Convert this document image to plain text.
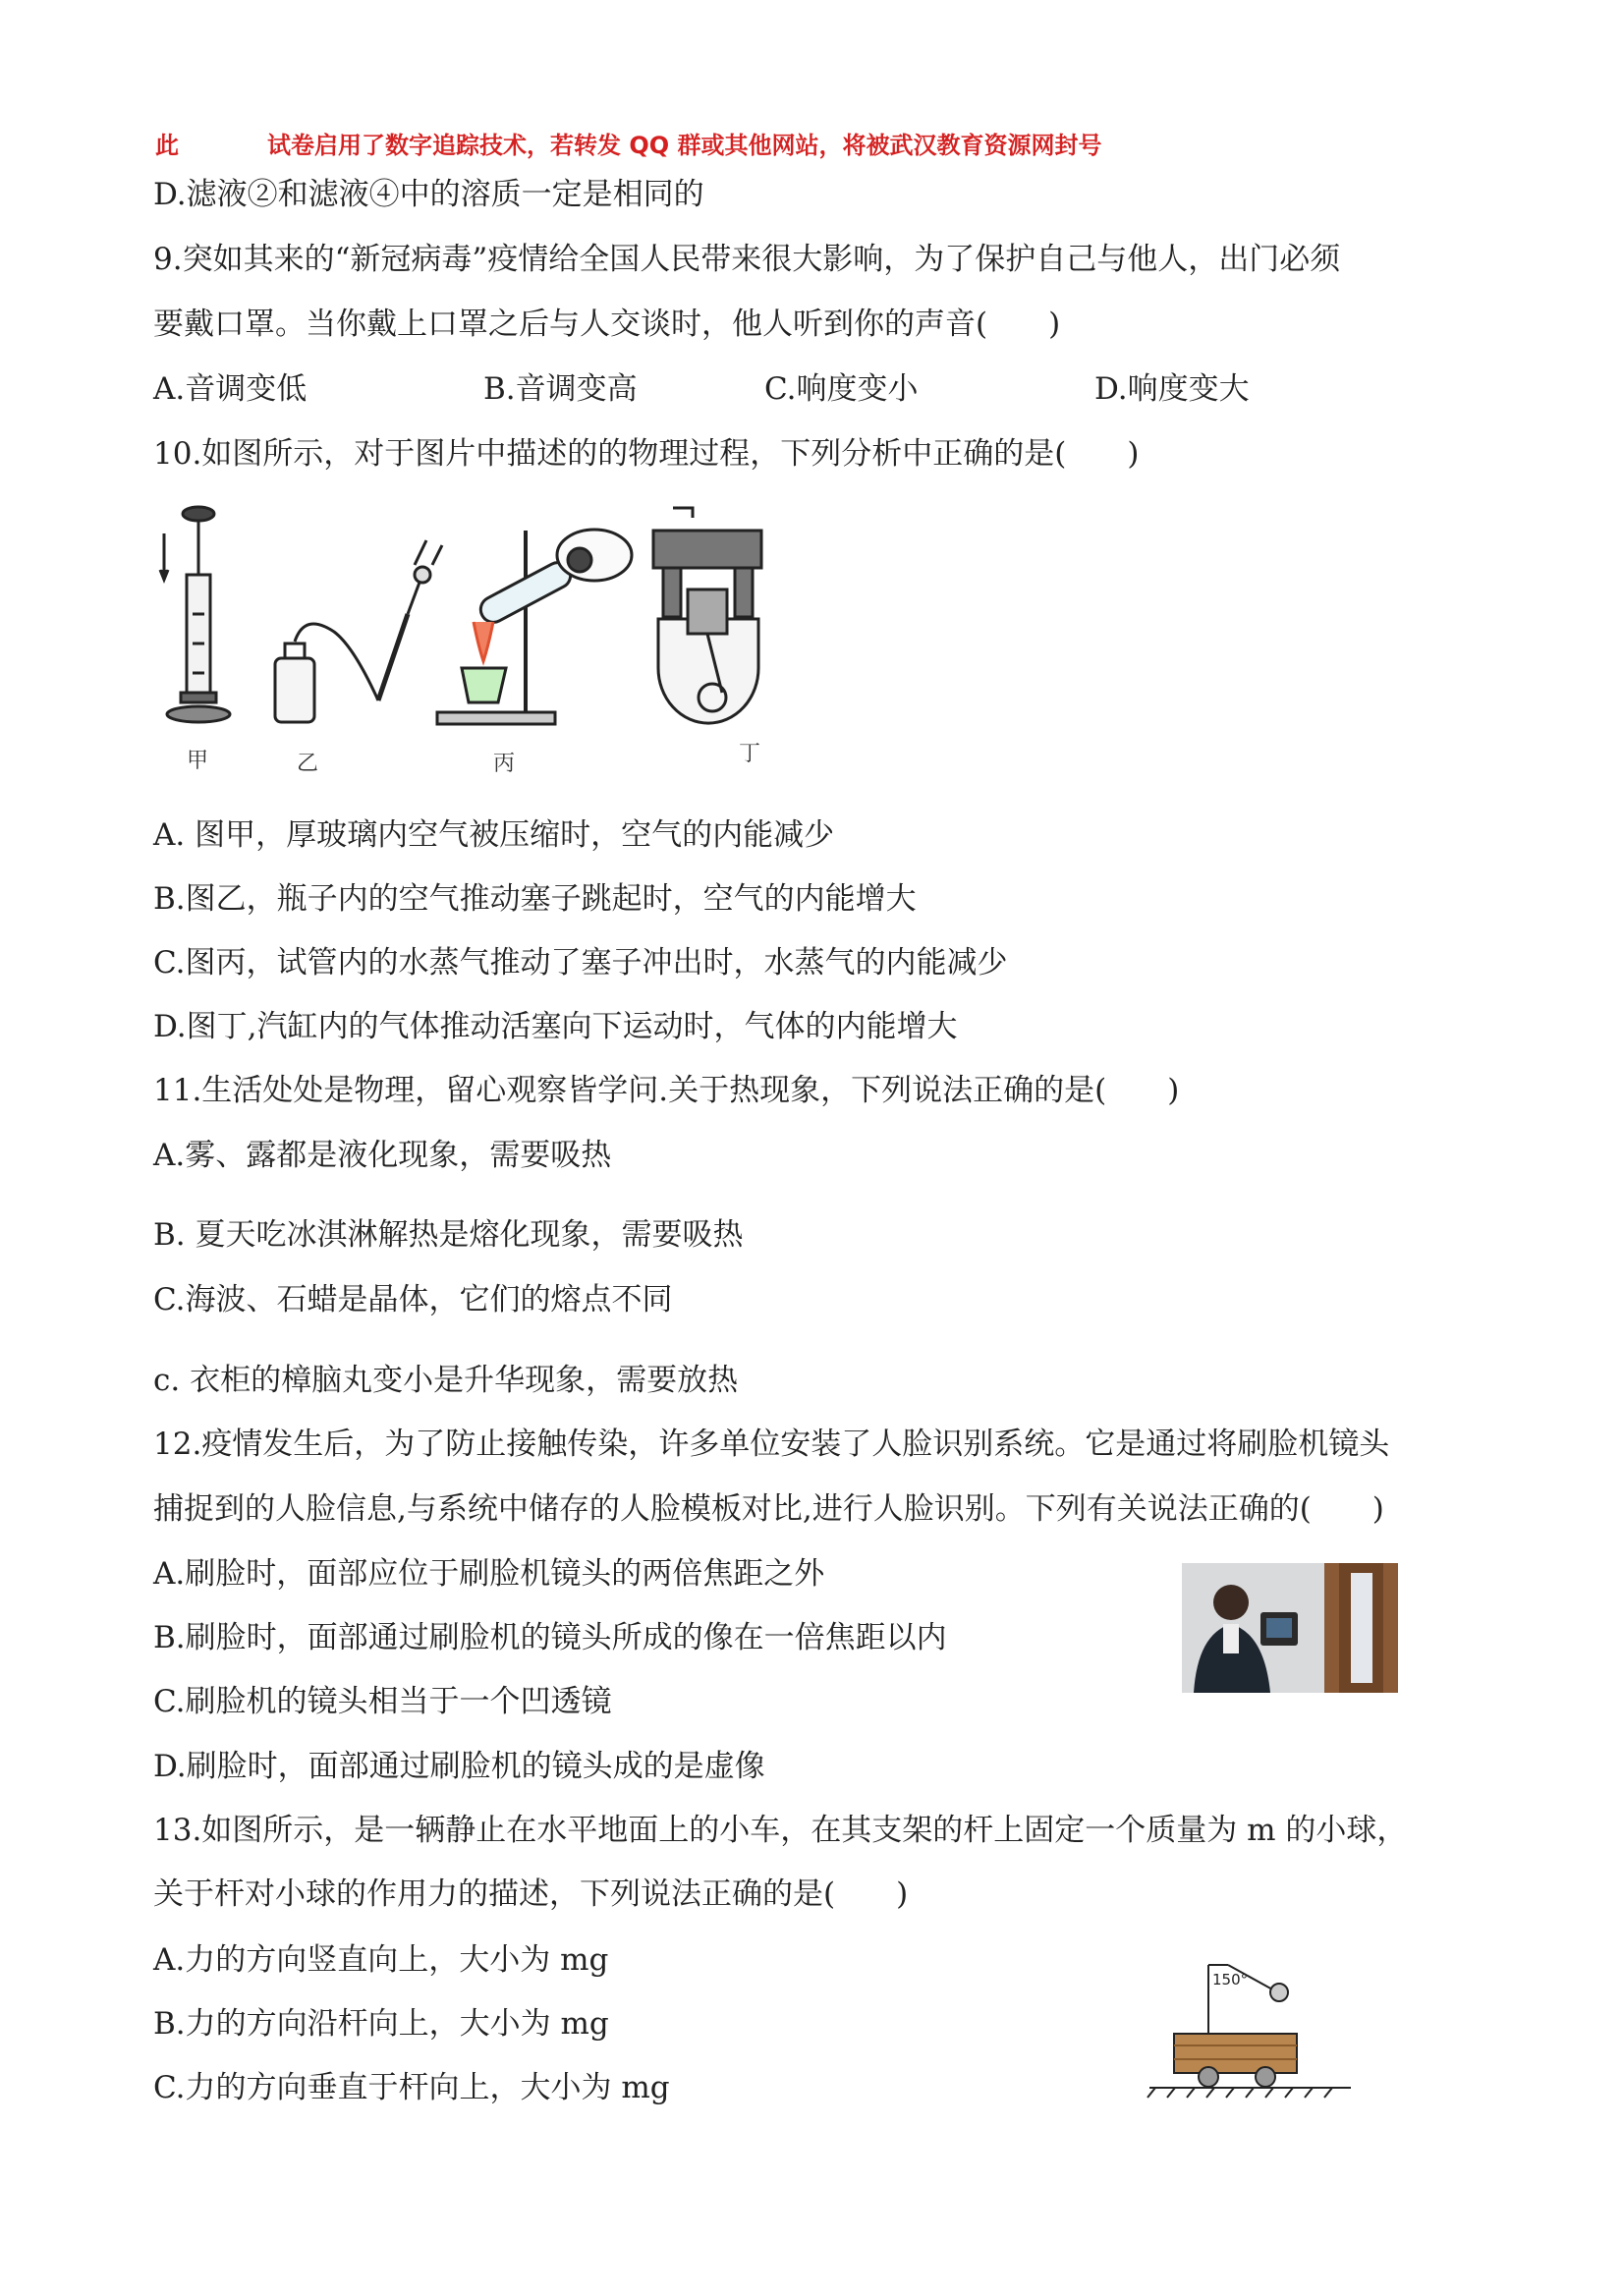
此	试卷启用了数字追踪技术，若转发 QQ 群或其他网站，将被武汉教育资源网封号
D.滤液②和滤液④中的溶质一定是相同的
9.突如其来的“新冠病毒”疫情给全国人民带来很大影响，为了保护自己与他人，出门必须
要戴口罩。当你戴上口罩之后与人交谈时，他人听到你的声音(　　)
A.音调变低	B.音调变高	C.响度变小	D.响度变大
10.如图所示，对于图片中描述的的物理过程，下列分析中正确的是(　　)
甲	乙	丙	丁
A. 图甲，厚玻璃内空气被压缩时，空气的内能减少
B.图乙，瓶子内的空气推动塞子跳起时，空气的内能增大
C.图丙，试管内的水蒸气推动了塞子冲出时，水蒸气的内能减少
D.图丁,汽缸内的气体推动活塞向下运动时，气体的内能增大
11.生活处处是物理，留心观察皆学问.关于热现象，下列说法正确的是(　　)
A.雾、露都是液化现象，需要吸热
B. 夏天吃冰淇淋解热是熔化现象，需要吸热
C.海波、石蜡是晶体，它们的熔点不同
c. 衣柜的樟脑丸变小是升华现象，需要放热
12.疫情发生后，为了防止接触传染，许多单位安装了人脸识别系统。它是通过将刷脸机镜头
捕捉到的人脸信息,与系统中储存的人脸模板对比,进行人脸识别。下列有关说法正确的(　　)
A.刷脸时，面部应位于刷脸机镜头的两倍焦距之外
B.刷脸时，面部通过刷脸机的镜头所成的像在一倍焦距以内
C.刷脸机的镜头相当于一个凹透镜
D.刷脸时，面部通过刷脸机的镜头成的是虚像
13.如图所示，是一辆静止在水平地面上的小车，在其支架的杆上固定一个质量为 m 的小球，
关于杆对小球的作用力的描述，下列说法正确的是(　　)
A.力的方向竖直向上，大小为 mg
B.力的方向沿杆向上，大小为 mg
C.力的方向垂直于杆向上，大小为 mg
150°
